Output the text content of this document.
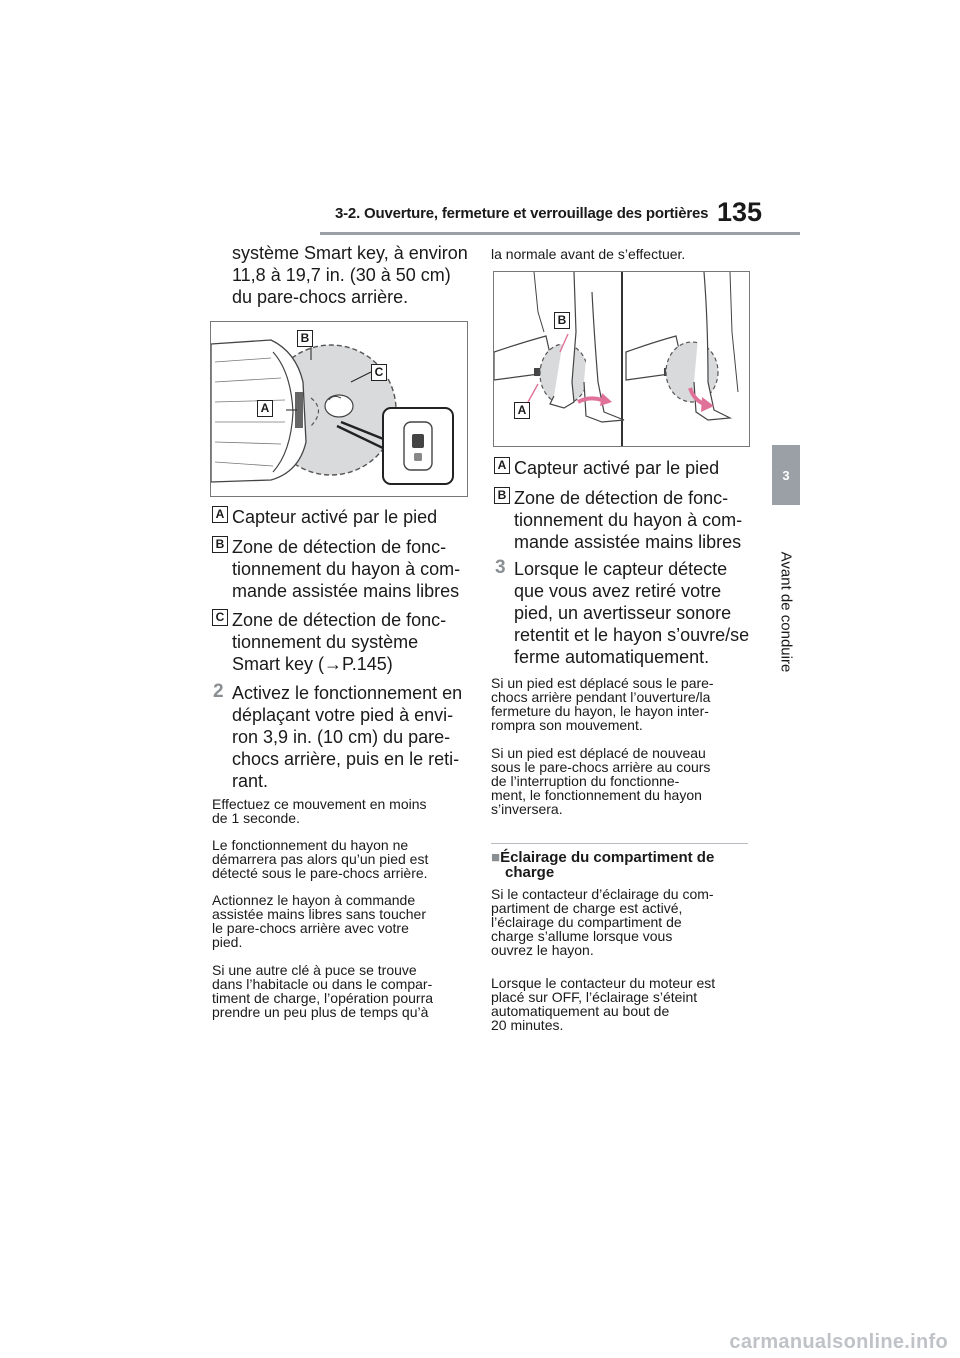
3-2. Ouverture, fermeture et verrouillage des portières 135
3
Avant de conduire

système Smart key, à environ

11,8 à 19,7 in. (30 à 50 cm)

du pare-chocs arrière.

B
C
A
A Capteur activé par le pied

B Zone de détection de fonc-

tionnement du hayon à com-

mande assistée mains libres

C Zone de détection de fonc-

tionnement du système

Smart key (→P.145)

2 Activez le fonctionnement en

déplaçant votre pied à envi-

ron 3,9 in. (10 cm) du pare-

chocs arrière, puis en le reti-

rant.

Effectuez ce mouvement en moins

de 1 seconde.

Le fonctionnement du hayon ne

démarrera pas alors qu’un pied est

détecté sous le pare-chocs arrière.

Actionnez le hayon à commande

assistée mains libres sans toucher

le pare-chocs arrière avec votre

pied.

Si une autre clé à puce se trouve

dans l’habitacle ou dans le compar-

timent de charge, l’opération pourra

prendre un peu plus de temps qu’à

la normale avant de s’effectuer.
B
A
A Capteur activé par le pied

B Zone de détection de fonc-

tionnement du hayon à com-

mande assistée mains libres

3 Lorsque le capteur détecte

que vous avez retiré votre

pied, un avertisseur sonore

retentit et le hayon s’ouvre/se

ferme automatiquement.

Si un pied est déplacé sous le pare-

chocs arrière pendant l’ouverture/la

fermeture du hayon, le hayon inter-

rompra son mouvement.

Si un pied est déplacé de nouveau

sous le pare-chocs arrière au cours

de l’interruption du fonctionne-

ment, le fonctionnement du hayon

s’inversera.

■Éclairage du compartiment de

charge

Si le contacteur d’éclairage du com-

partiment de charge est activé,

l’éclairage du compartiment de

charge s’allume lorsque vous

ouvrez le hayon.

Lorsque le contacteur du moteur est

placé sur OFF, l’éclairage s’éteint

automatiquement au bout de

20 minutes.

carmanualsonline.info
